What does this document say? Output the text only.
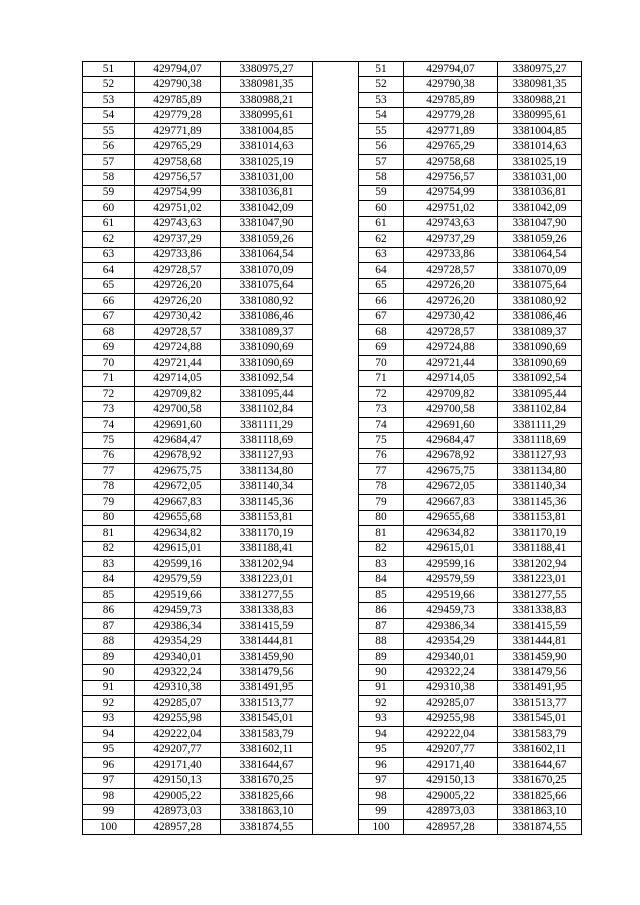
51	429794,07	3380975,27		51	429794,07	3380975,27
52	429790,38	3380981,35		52	429790,38	3380981,35
53	429785,89	3380988,21		53	429785,89	3380988,21
54	429779,28	3380995,61		54	429779,28	3380995,61
55	429771,89	3381004,85		55	429771,89	3381004,85
56	429765,29	3381014,63		56	429765,29	3381014,63
57	429758,68	3381025,19		57	429758,68	3381025,19
58	429756,57	3381031,00		58	429756,57	3381031,00
59	429754,99	3381036,81		59	429754,99	3381036,81
60	429751,02	3381042,09		60	429751,02	3381042,09
61	429743,63	3381047,90		61	429743,63	3381047,90
62	429737,29	3381059,26		62	429737,29	3381059,26
63	429733,86	3381064,54		63	429733,86	3381064,54
64	429728,57	3381070,09		64	429728,57	3381070,09
65	429726,20	3381075,64		65	429726,20	3381075,64
66	429726,20	3381080,92		66	429726,20	3381080,92
67	429730,42	3381086,46		67	429730,42	3381086,46
68	429728,57	3381089,37		68	429728,57	3381089,37
69	429724,88	3381090,69		69	429724,88	3381090,69
70	429721,44	3381090,69		70	429721,44	3381090,69
71	429714,05	3381092,54		71	429714,05	3381092,54
72	429709,82	3381095,44		72	429709,82	3381095,44
73	429700,58	3381102,84		73	429700,58	3381102,84
74	429691,60	3381111,29		74	429691,60	3381111,29
75	429684,47	3381118,69		75	429684,47	3381118,69
76	429678,92	3381127,93		76	429678,92	3381127,93
77	429675,75	3381134,80		77	429675,75	3381134,80
78	429672,05	3381140,34		78	429672,05	3381140,34
79	429667,83	3381145,36		79	429667,83	3381145,36
80	429655,68	3381153,81		80	429655,68	3381153,81
81	429634,82	3381170,19		81	429634,82	3381170,19
82	429615,01	3381188,41		82	429615,01	3381188,41
83	429599,16	3381202,94		83	429599,16	3381202,94
84	429579,59	3381223,01		84	429579,59	3381223,01
85	429519,66	3381277,55		85	429519,66	3381277,55
86	429459,73	3381338,83		86	429459,73	3381338,83
87	429386,34	3381415,59		87	429386,34	3381415,59
88	429354,29	3381444,81		88	429354,29	3381444,81
89	429340,01	3381459,90		89	429340,01	3381459,90
90	429322,24	3381479,56		90	429322,24	3381479,56
91	429310,38	3381491,95		91	429310,38	3381491,95
92	429285,07	3381513,77		92	429285,07	3381513,77
93	429255,98	3381545,01		93	429255,98	3381545,01
94	429222,04	3381583,79		94	429222,04	3381583,79
95	429207,77	3381602,11		95	429207,77	3381602,11
96	429171,40	3381644,67		96	429171,40	3381644,67
97	429150,13	3381670,25		97	429150,13	3381670,25
98	429005,22	3381825,66		98	429005,22	3381825,66
99	428973,03	3381863,10		99	428973,03	3381863,10
100	428957,28	3381874,55		100	428957,28	3381874,55
